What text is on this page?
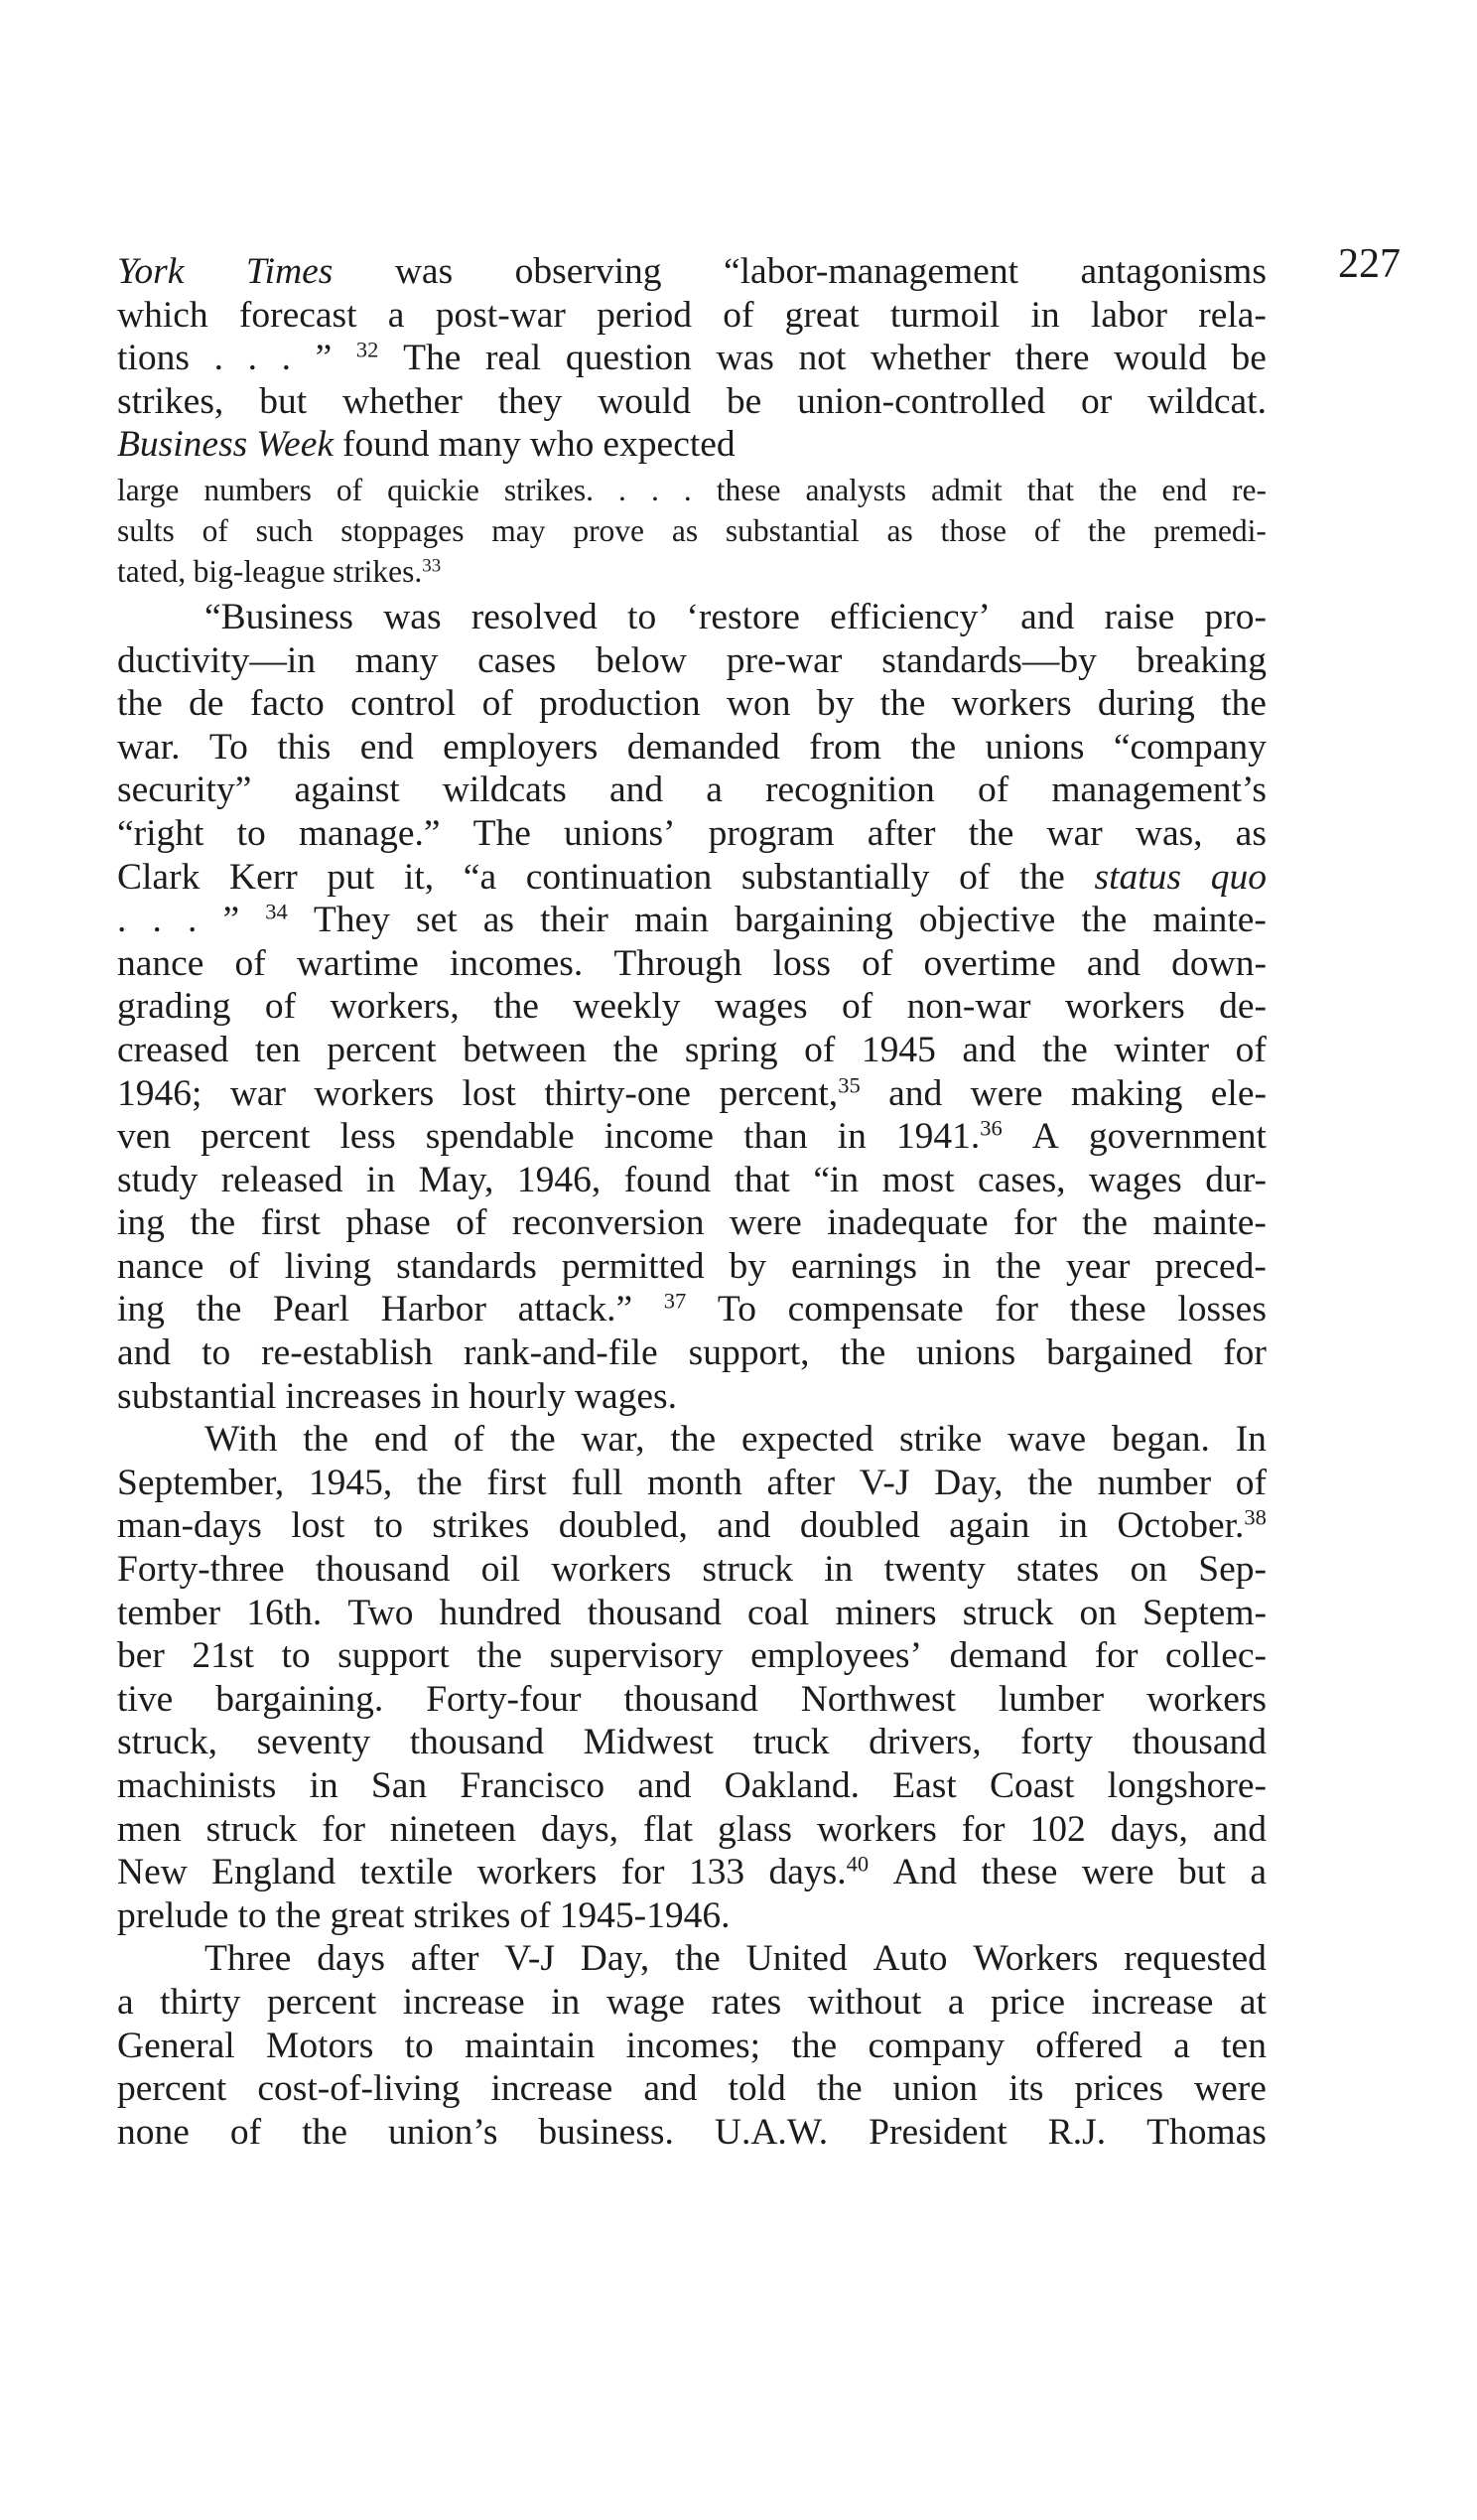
227
York Times was observing “labor-management antagonisms
which forecast a post-war period of great turmoil in labor rela-
tions . . . ” $^{32}$ The real question was not whether there would be
strikes, but whether they would be union-controlled or wildcat.
Business Week found many who expected
large numbers of quickie strikes. . . . these analysts admit that the end re-
sults of such stoppages may prove as substantial as those of the premedi-
tated, big-league strikes.$^{33}$
“Business was resolved to ‘restore efficiency’ and raise pro-
ductivity—in many cases below pre-war standards—by breaking
the de facto control of production won by the workers during the
war. To this end employers demanded from the unions “company
security” against wildcats and a recognition of management’s
“right to manage.” The unions’ program after the war was, as
Clark Kerr put it, “a continuation substantially of the status quo
. . . ” $^{34}$ They set as their main bargaining objective the mainte-
nance of wartime incomes. Through loss of overtime and down-
grading of workers, the weekly wages of non-war workers de-
creased ten percent between the spring of 1945 and the winter of
1946; war workers lost thirty-one percent,$^{35}$ and were making ele-
ven percent less spendable income than in 1941.36 A government
study released in May, 1946, found that “in most cases, wages dur-
ing the first phase of reconversion were inadequate for the mainte-
nance of living standards permitted by earnings in the year preced-
ing the Pearl Harbor attack.” $^{37}$ To compensate for these losses
and to re-establish rank-and-file support, the unions bargained for
substantial increases in hourly wages.
With the end of the war, the expected strike wave began. In
September, 1945, the first full month after V-J Day, the number of
man-days lost to strikes doubled, and doubled again in October.$^{38}$
Forty-three thousand oil workers struck in twenty states on Sep-
tember 16th. Two hundred thousand coal miners struck on Septem-
ber 21st to support the supervisory employees’ demand for collec-
tive bargaining. Forty-four thousand Northwest lumber workers
struck, seventy thousand Midwest truck drivers, forty thousand
machinists in San Francisco and Oakland. East Coast longshore-
men struck for nineteen days, flat glass workers for 102 days, and
New England textile workers for 133 days.$^{40}$ And these were but a
prelude to the great strikes of 1945-1946.
Three days after V-J Day, the United Auto Workers requested
a thirty percent increase in wage rates without a price increase at
General Motors to maintain incomes; the company offered a ten
percent cost-of-living increase and told the union its prices were
none of the union’s business. U.A.W. President R.J. Thomas
